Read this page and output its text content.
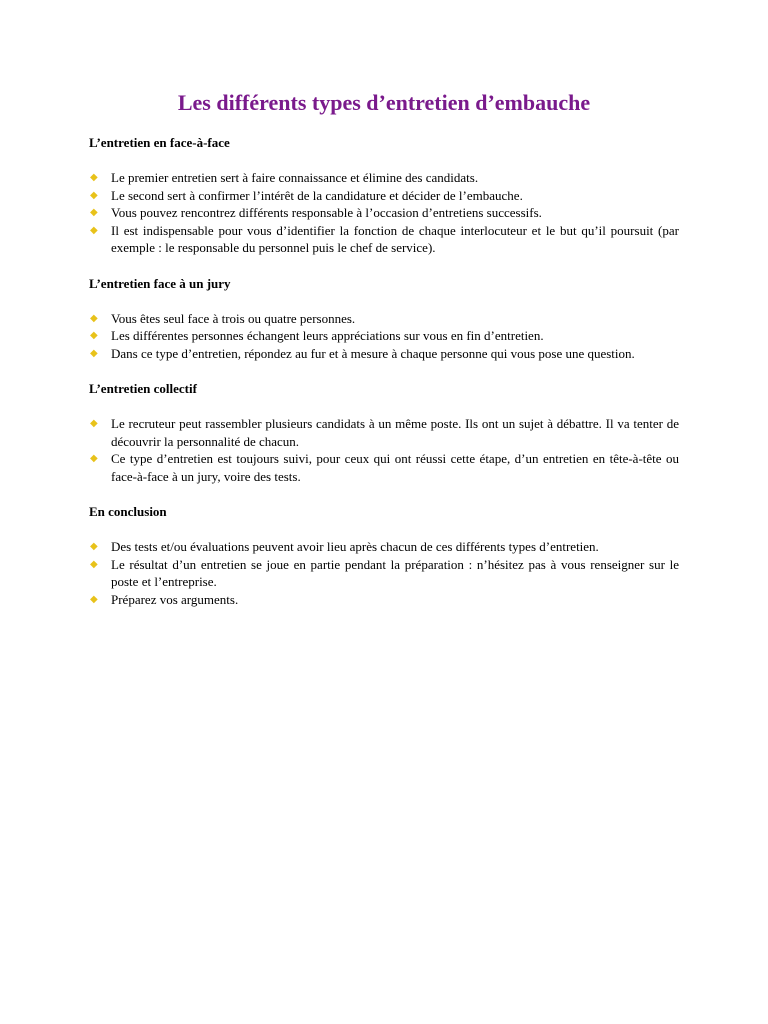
Les différents types d’entretien d’embauche
L’entretien en face-à-face
◆ Le premier entretien sert à faire connaissance et élimine des candidats.
◆ Le second sert à confirmer l’intérêt de la candidature et décider de l’embauche.
◆ Vous pouvez rencontrez différents responsable à l’occasion d’entretiens successifs.
◆ Il est indispensable pour vous d’identifier la fonction de chaque interlocuteur et le but qu’il poursuit (par exemple : le responsable du personnel puis le chef de service).
L’entretien face à un jury
◆ Vous êtes seul face à trois ou quatre personnes.
◆ Les différentes personnes échangent leurs appréciations sur vous en fin d’entretien.
◆ Dans ce type d’entretien, répondez au fur et à mesure à chaque personne qui vous pose une question.
L’entretien collectif
◆ Le recruteur peut rassembler plusieurs candidats à un même poste. Ils ont un sujet à débattre. Il va tenter de découvrir la personnalité de chacun.
◆ Ce type d’entretien est toujours suivi, pour ceux qui ont réussi cette étape, d’un entretien en tête-à-tête ou face-à-face à un jury, voire des tests.
En conclusion
◆ Des tests et/ou évaluations peuvent avoir lieu après chacun de ces différents types d’entretien.
◆ Le résultat d’un entretien se joue en partie pendant la préparation : n’hésitez pas à vous renseigner sur le poste et l’entreprise.
◆ Préparez vos arguments.
